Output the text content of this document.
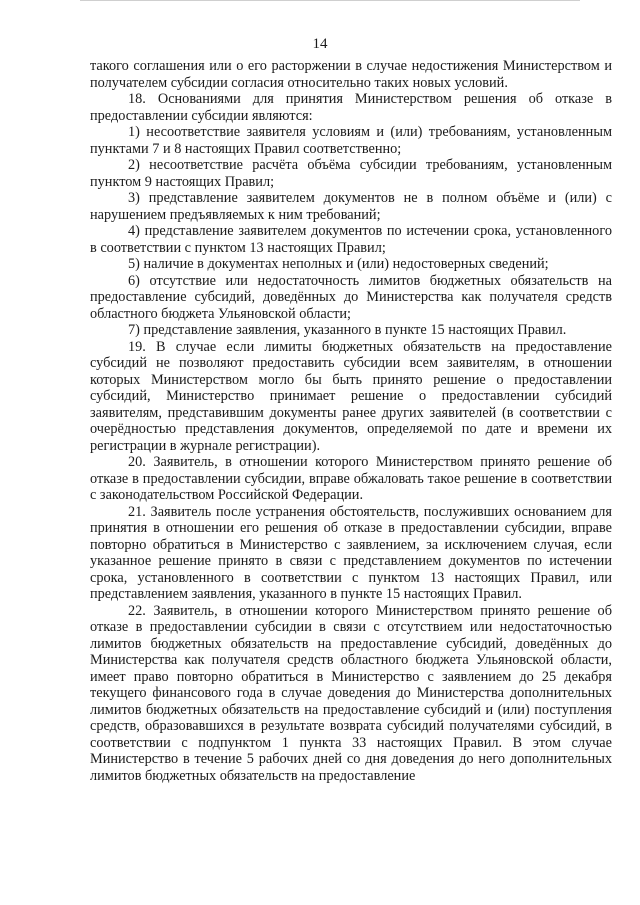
14

такого соглашения или о его расторжении в случае недостижения Министерством и получателем субсидии согласия относительно таких новых условий.

18. Основаниями для принятия Министерством решения об отказе в предоставлении субсидии являются:

1) несоответствие заявителя условиям и (или) требованиям, установленным пунктами 7 и 8 настоящих Правил соответственно;

2) несоответствие расчёта объёма субсидии требованиям, установленным пунктом 9 настоящих Правил;

3) представление заявителем документов не в полном объёме и (или) с нарушением предъявляемых к ним требований;

4) представление заявителем документов по истечении срока, установленного в соответствии с пунктом 13 настоящих Правил;

5) наличие в документах неполных и (или) недостоверных сведений;

6) отсутствие или недостаточность лимитов бюджетных обязательств на предоставление субсидий, доведённых до Министерства как получателя средств областного бюджета Ульяновской области;

7) представление заявления, указанного в пункте 15 настоящих Правил.

19. В случае если лимиты бюджетных обязательств на предоставление субсидий не позволяют предоставить субсидии всем заявителям, в отношении которых Министерством могло бы быть принято решение о предоставлении субсидий, Министерство принимает решение о предоставлении субсидий заявителям, представившим документы ранее других заявителей (в соответствии с очерёдностью представления документов, определяемой по дате и времени их регистрации в журнале регистрации).

20. Заявитель, в отношении которого Министерством принято решение об отказе в предоставлении субсидии, вправе обжаловать такое решение в соответствии с законодательством Российской Федерации.

21. Заявитель после устранения обстоятельств, послуживших основанием для принятия в отношении его решения об отказе в предоставлении субсидии, вправе повторно обратиться в Министерство с заявлением, за исключением случая, если указанное решение принято в связи с представлением документов по истечении срока, установленного в соответствии с пунктом 13 настоящих Правил, или представлением заявления, указанного в пункте 15 настоящих Правил.

22. Заявитель, в отношении которого Министерством принято решение об отказе в предоставлении субсидии в связи с отсутствием или недостаточностью лимитов бюджетных обязательств на предоставление субсидий, доведённых до Министерства как получателя средств областного бюджета Ульяновской области, имеет право повторно обратиться в Министерство с заявлением до 25 декабря текущего финансового года в случае доведения до Министерства дополнительных лимитов бюджетных обязательств на предоставление субсидий и (или) поступления средств, образовавшихся в результате возврата субсидий получателями субсидий, в соответствии с подпунктом 1 пункта 33 настоящих Правил. В этом случае Министерство в течение 5 рабочих дней со дня доведения до него дополнительных лимитов бюджетных обязательств на предоставление
